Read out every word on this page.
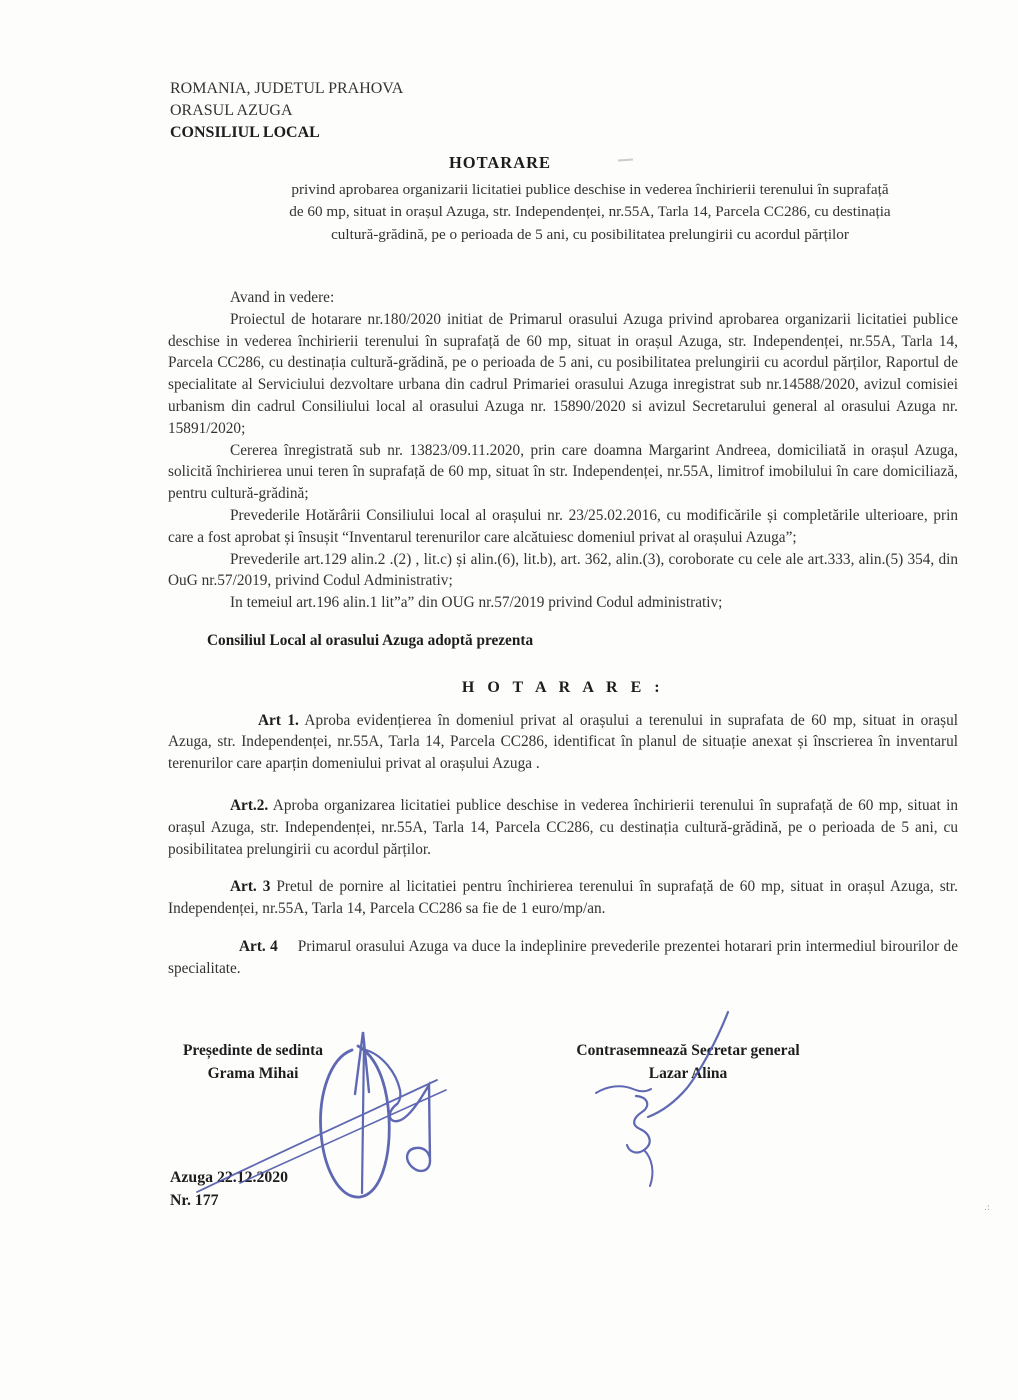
ROMANIA, JUDETUL PRAHOVA
ORASUL AZUGA
CONSILIUL LOCAL
HOTARARE
privind aprobarea organizarii licitatiei publice deschise in vederea închirierii terenului în suprafață
de 60 mp, situat in orașul Azuga, str. Independenței, nr.55A, Tarla 14, Parcela CC286, cu destinația
cultură-grădină, pe o perioada de 5 ani, cu posibilitatea prelungirii cu acordul părților

Avand in vedere:

Proiectul de hotarare nr.180/2020 initiat de Primarul orasului Azuga privind aprobarea organizarii licitatiei publice deschise in vederea închirierii terenului în suprafață de 60 mp, situat in orașul Azuga, str. Independenței, nr.55A, Tarla 14, Parcela CC286, cu destinația cultură-grădină, pe o perioada de 5 ani, cu posibilitatea prelungirii cu acordul părților, Raportul de specialitate al Serviciului dezvoltare urbana din cadrul Primariei orasului Azuga inregistrat sub nr.14588/2020, avizul comisiei urbanism din cadrul Consiliului local al orasului Azuga nr. 15890/2020 si avizul Secretarului general al orasului Azuga nr. 15891/2020;

Cererea înregistrată sub nr. 13823/09.11.2020, prin care doamna Margarint Andreea, domiciliată in orașul Azuga, solicită închirierea unui teren în suprafață de 60 mp, situat în str. Independenței, nr.55A, limitrof imobilului în care domiciliază, pentru cultură-grădină;

Prevederile Hotărârii Consiliului local al orașului nr. 23/25.02.2016, cu modificările și completările ulterioare, prin care a fost aprobat și însușit “Inventarul terenurilor care alcătuiesc domeniul privat al orașului Azuga”;

Prevederile art.129 alin.2 .(2) , lit.c) și alin.(6), lit.b), art. 362, alin.(3), coroborate cu cele ale art.333, alin.(5) 354, din OuG nr.57/2019, privind Codul Administrativ;

In temeiul art.196 alin.1 lit”a” din OUG nr.57/2019 privind Codul administrativ;

Consiliul Local al orasului Azuga adoptă prezenta

H O T A R A R E :

Art 1. Aproba evidențierea în domeniul privat al orașului a terenului in suprafata de 60 mp, situat in orașul Azuga, str. Independenței, nr.55A, Tarla 14, Parcela CC286, identificat în planul de situație anexat și înscrierea în inventarul terenurilor care aparțin domeniului privat al orașului Azuga .

Art.2. Aproba organizarea licitatiei publice deschise in vederea închirierii terenului în suprafață de 60 mp, situat in orașul Azuga, str. Independenței, nr.55A, Tarla 14, Parcela CC286, cu destinația cultură-grădină, pe o perioada de 5 ani, cu posibilitatea prelungirii cu acordul părților.

Art. 3 Pretul de pornire al licitatiei pentru închirierea terenului în suprafață de 60 mp, situat in orașul Azuga, str. Independenței, nr.55A, Tarla 14, Parcela CC286 sa fie de 1 euro/mp/an.

Art. 4 Primarul orasului Azuga va duce la indeplinire prevederile prezentei hotarari prin intermediul birourilor de specialitate.

Președinte de sedinta
Grama Mihai
Contrasemnează Secretar general
Lazar Alina
Azuga 22.12.2020
Nr. 177	.:
